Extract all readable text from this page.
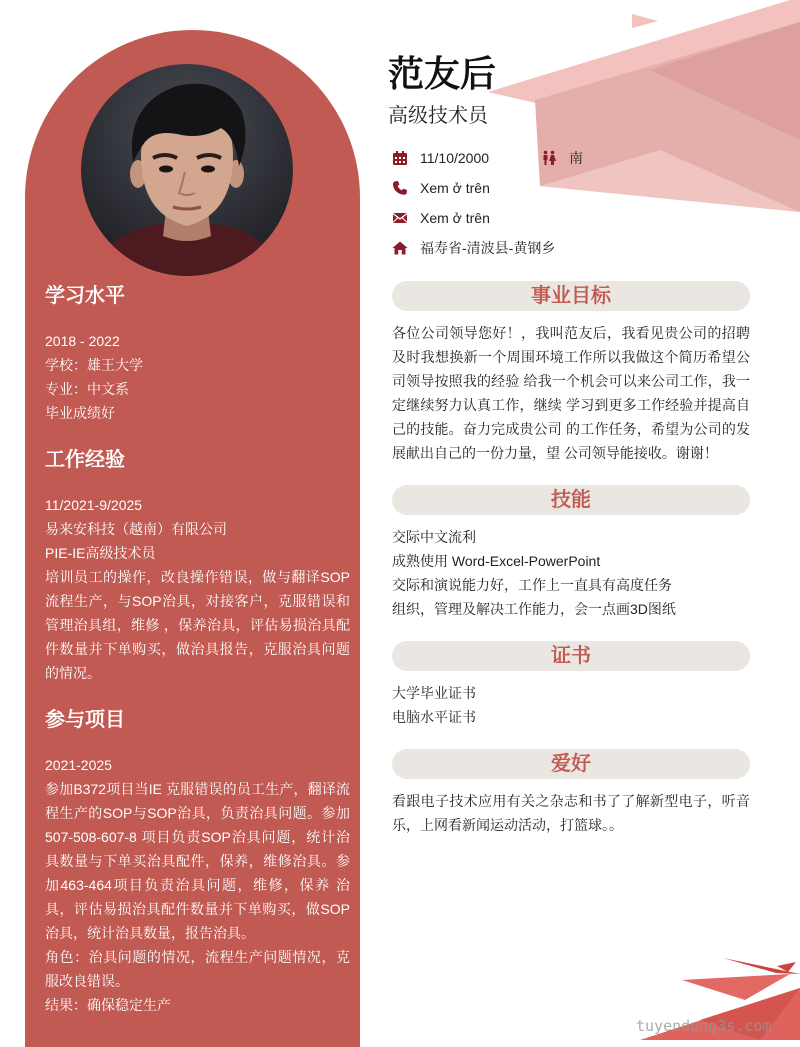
学习水平
2018 - 2022
学校：雄王大学
专业：中文系
毕业成绩好
工作经验
11/2021-9/2025
易来安科技（越南）有限公司
PIE-IE高级技术员
培训员工的操作，改良操作错误，做与翻译SOP
流程生产，与SOP治具，对接客户，克服错误和
管理治具组，维修 ，保养治具，评估易损治具配
件数量并下单购买，做治具报告，克服治具问题
的情况。
参与项目
2021-2025
参加B372项目当IE 克服错误的员工生产，翻译流
程生产的SOP与SOP治具，负责治具问题。参加
507-508-607-8 项目负责SOP治具问题，统计治
具数量与下单买治具配件，保养，维修治具。参
加463-464项目负责治具问题，维修，保养 治
具，评估易损治具配件数量并下单购买，做SOP
治具，统计治具数量，报告治具。
角色：治具问题的情况，流程生产问题情况，克
服改良错误。
结果：确保稳定生产
范友后
高级技术员
11/10/2000	南
Xem ở trên
Xem ở trên
福寿省-清波县-黄钢乡
事业目标
各位公司领导您好！，我叫范友后，我看见贵公司的招聘
及时我想换新一个周围环境工作所以我做这个简历希望公
司领导按照我的经验 给我一个机会可以来公司工作，我一
定继续努力认真工作，继续 学习到更多工作经验并提高自
己的技能。奋力完成贵公司 的工作任务，希望为公司的发
展献出自己的一份力量，望 公司领导能接收。谢谢！
技能
交际中文流利
成熟使用 Word-Excel-PowerPoint
交际和演说能力好，工作上一直具有高度任务
组织，管理及解决工作能力，会一点画3D图纸
证书
大学毕业证书
电脑水平证书
爱好
看跟电子技术应用有关之杂志和书了了解新型电子，听音
乐，上网看新闻运动活动，打篮球。。
tuyendung3s.com
